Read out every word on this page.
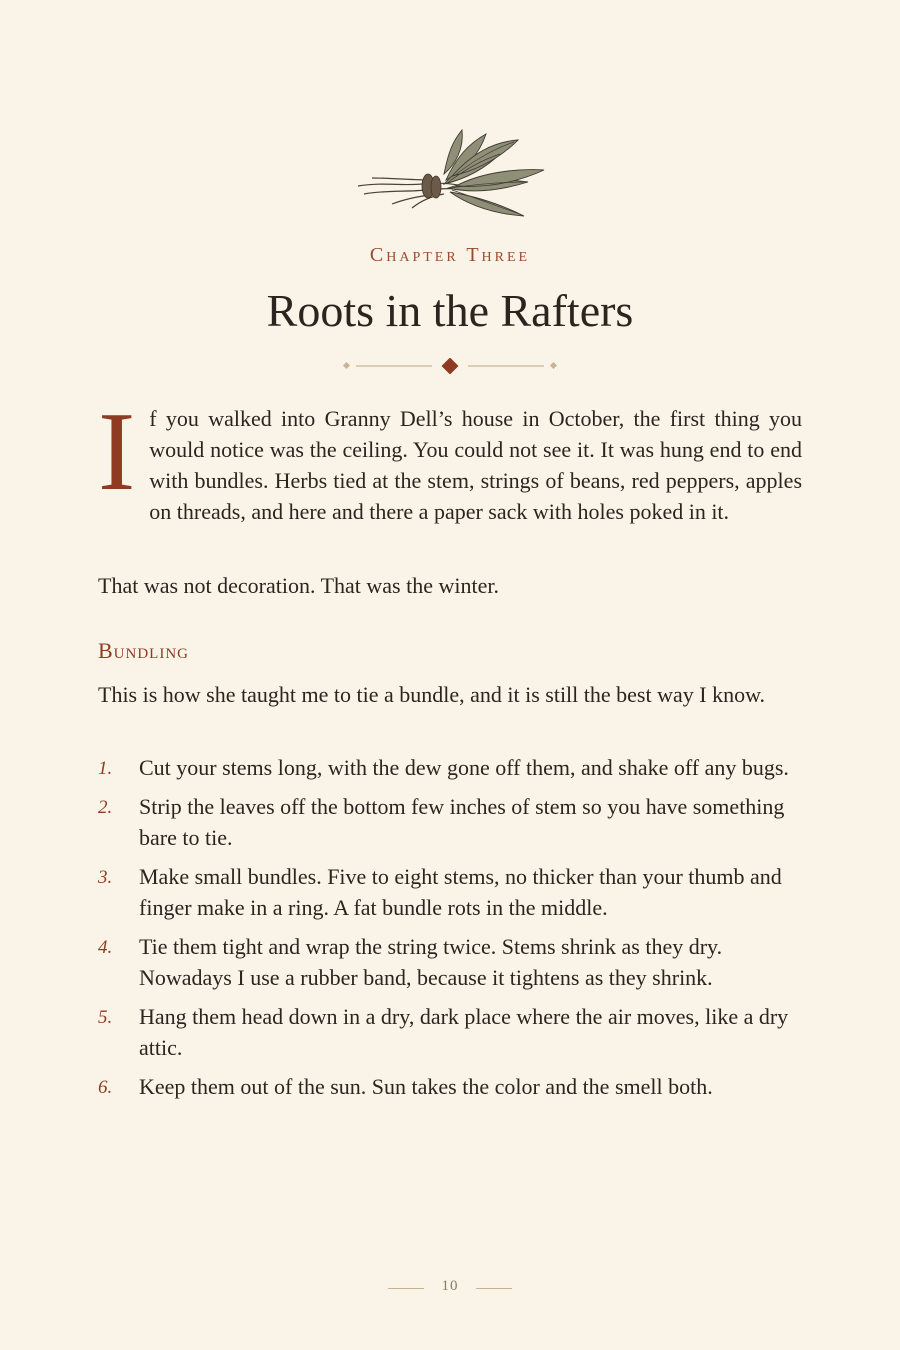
Chapter Three
Roots in the Rafters

If you walked into Granny Dell’s house in October, the first thing you would notice was the ceiling. You could not see it. It was hung end to end with bundles. Herbs tied at the stem, strings of beans, red peppers, apples on threads, and here and there a paper sack with holes poked in it.

That was not decoration. That was the winter.

Bundling

This is how she taught me to tie a bundle, and it is still the best way I know.

1. Cut your stems long, with the dew gone off them, and shake off any bugs.
2. Strip the leaves off the bottom few inches of stem so you have something bare to tie.
3. Make small bundles. Five to eight stems, no thicker than your thumb and finger make in a ring. A fat bundle rots in the middle.
4. Tie them tight and wrap the string twice. Stems shrink as they dry. Nowadays I use a rubber band, because it tightens as they shrink.
5. Hang them head down in a dry, dark place where the air moves, like a dry attic.
6. Keep them out of the sun. Sun takes the color and the smell both.
10
